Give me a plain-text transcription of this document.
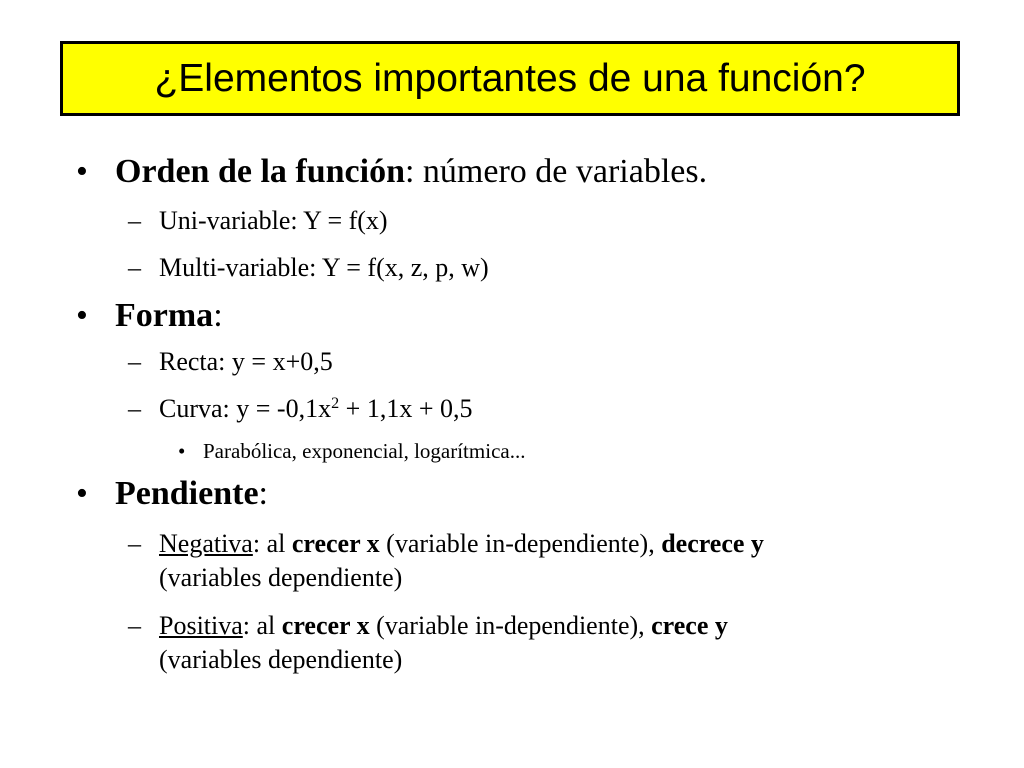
¿Elementos importantes de una función?
• Orden de la función: número de variables.
– Uni-variable: Y = f(x)
– Multi-variable: Y = f(x, z, p, w)
• Forma:
– Recta: y = x+0,5
– Curva: $y = -0,1x^2 + 1,1x + 0,5$
• Parabólica, exponencial, logarítmica...
• Pendiente:
– Negativa: al crecer x (variable in-dependiente), decrece y
(variables dependiente)
– Positiva: al crecer x (variable in-dependiente), crece y
(variables dependiente)
